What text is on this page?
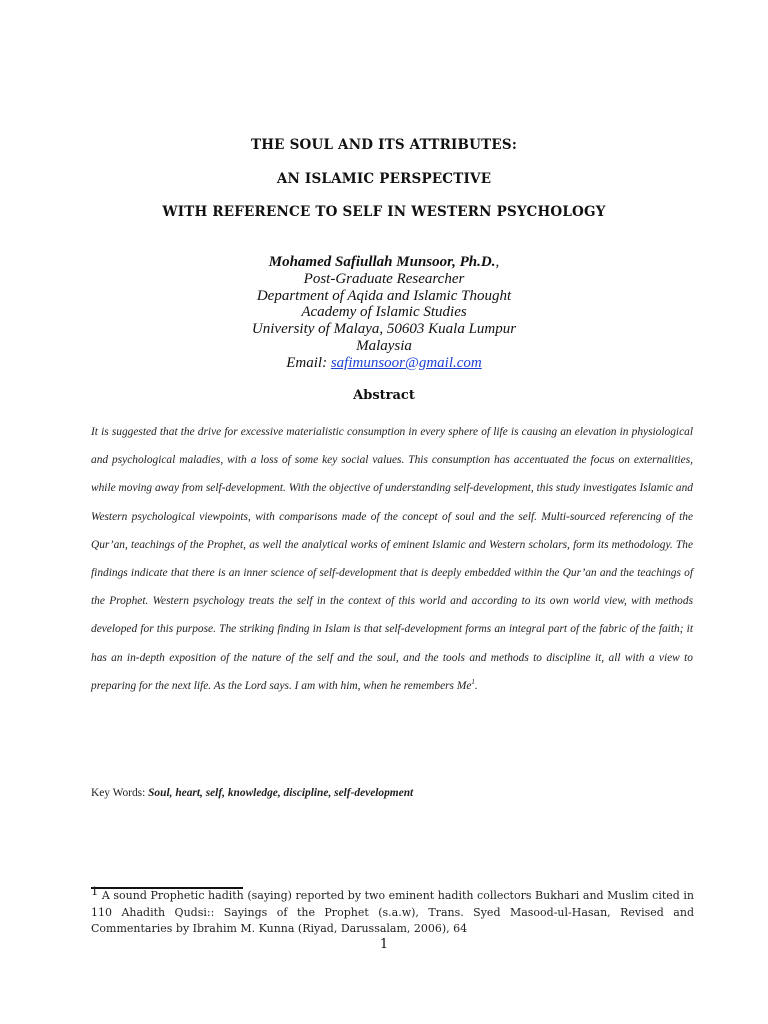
THE SOUL AND ITS ATTRIBUTES:
AN ISLAMIC PERSPECTIVE
WITH REFERENCE TO SELF IN WESTERN PSYCHOLOGY
Mohamed Safiullah Munsoor, Ph.D.,
Post-Graduate Researcher
Department of Aqida and Islamic Thought
Academy of Islamic Studies
University of Malaya, 50603 Kuala Lumpur
Malaysia
Email: safimunsoor@gmail.com
Abstract
It is suggested that the drive for excessive materialistic consumption in every sphere of life is causing an elevation in physiological and psychological maladies, with a loss of some key social values. This consumption has accentuated the focus on externalities, while moving away from self-development. With the objective of understanding self-development, this study investigates Islamic and Western psychological viewpoints, with comparisons made of the concept of soul and the self. Multi-sourced referencing of the Qur’an, teachings of the Prophet, as well the analytical works of eminent Islamic and Western scholars, form its methodology. The findings indicate that there is an inner science of self-development that is deeply embedded within the Qur’an and the teachings of the Prophet. Western psychology treats the self in the context of this world and according to its own world view, with methods developed for this purpose. The striking finding in Islam is that self-development forms an integral part of the fabric of the faith; it has an in-depth exposition of the nature of the self and the soul, and the tools and methods to discipline it, all with a view to preparing for the next life. As the Lord says. I am with him, when he remembers Me$^1$.
Key Words: Soul, heart, self, knowledge, discipline, self-development
1 A sound Prophetic hadith (saying) reported by two eminent hadith collectors Bukhari and Muslim cited in 110 Ahadith Qudsi:: Sayings of the Prophet (s.a.w), Trans. Syed Masood-ul-Hasan, Revised and Commentaries by Ibrahim M. Kunna (Riyad, Darussalam, 2006), 64
1
